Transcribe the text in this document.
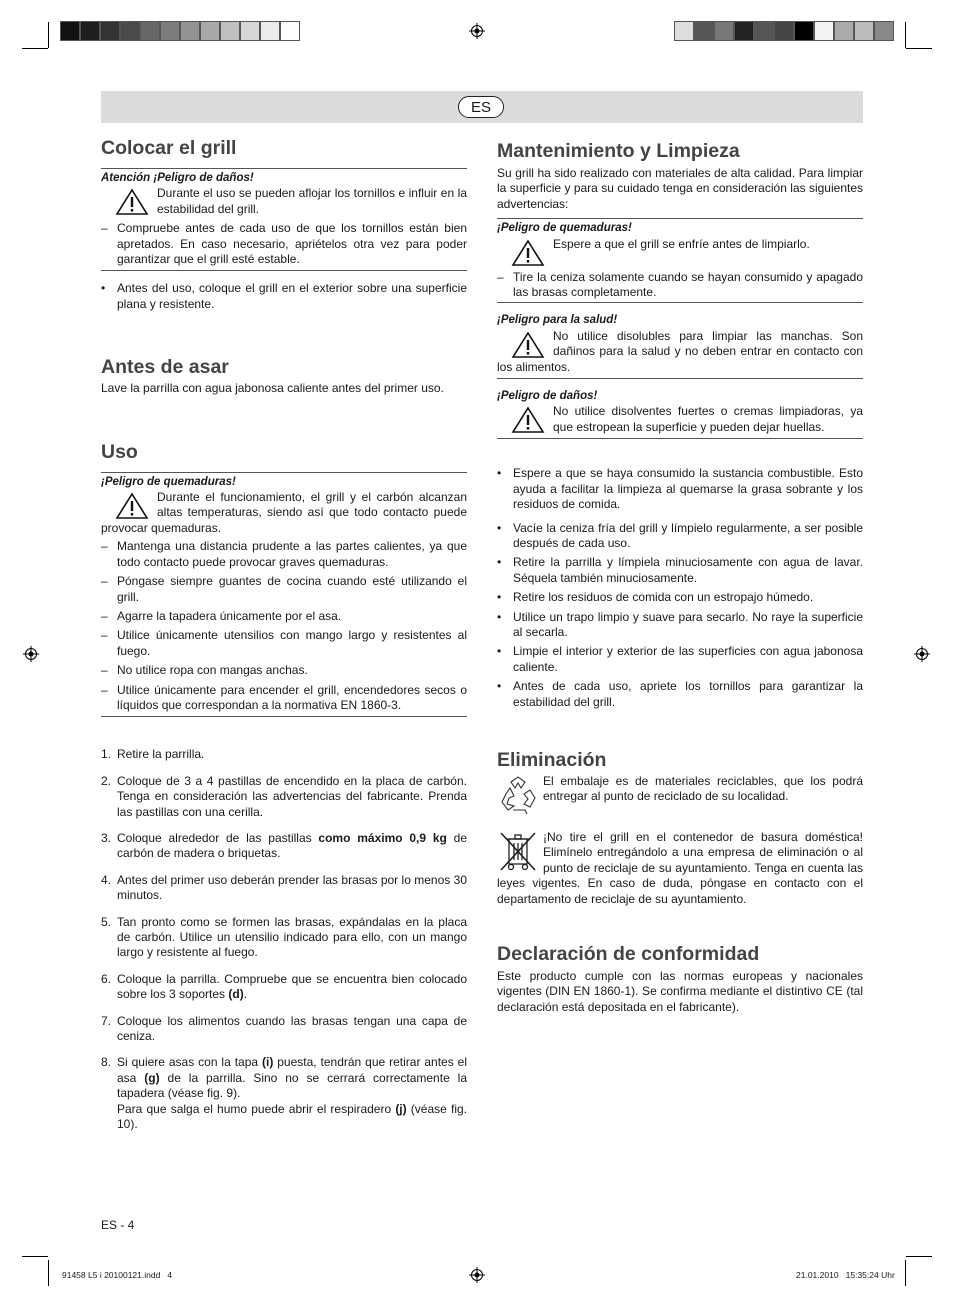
ES
Colocar el grill
Atención ¡Peligro de daños!

Durante el uso se pueden aflojar los tornillos e influir en la estabilidad del grill.

– Compruebe antes de cada uso de que los tornillos están bien apretados. En caso necesario, apriételos otra vez para poder garantizar que el grill esté estable.
• Antes del uso, coloque el grill en el exterior sobre una superficie plana y resistente.
Antes de asar

Lave la parrilla con agua jabonosa caliente antes del primer uso.

Uso
¡Peligro de quemaduras!

Durante el funcionamiento, el grill y el carbón alcanzan altas temperaturas, siendo así que todo contacto puede provocar quemaduras.

– Mantenga una distancia prudente a las partes calientes, ya que todo contacto puede provocar graves quemaduras.
– Póngase siempre guantes de cocina cuando esté utilizando el grill.
– Agarre la tapadera únicamente por el asa.
– Utilice únicamente utensilios con mango largo y resistentes al fuego.
– No utilice ropa con mangas anchas.
– Utilice únicamente para encender el grill, encendedores secos o líquidos que correspondan a la normativa EN 1860-3.
1. Retire la parrilla.
2. Coloque de 3 a 4 pastillas de encendido en la placa de carbón. Tenga en consideración las advertencias del fabricante. Prenda las pastillas con una cerilla.
3. Coloque alrededor de las pastillas como máximo 0,9 kg de carbón de madera o briquetas.
4. Antes del primer uso deberán prender las brasas por lo menos 30 minutos.
5. Tan pronto como se formen las brasas, expándalas en la placa de carbón. Utilice un utensilio indicado para ello, con un mango largo y resistente al fuego.
6. Coloque la parrilla. Compruebe que se encuentra bien colocado sobre los 3 soportes (d).
7. Coloque los alimentos cuando las brasas tengan una capa de ceniza.
8. Si quiere asas con la tapa (i) puesta, tendrán que retirar antes el asa (g) de la parrilla. Sino no se cerrará correctamente la tapadera (véase fig. 9).
Para que salga el humo puede abrir el respiradero (j) (véase fig. 10).
Mantenimiento y Limpieza

Su grill ha sido realizado con materiales de alta calidad. Para limpiar la superficie y para su cuidado tenga en consideración las siguientes advertencias:

¡Peligro de quemaduras!

Espere a que el grill se enfríe antes de limpiarlo.

– Tire la ceniza solamente cuando se hayan consumido y apagado las brasas completamente.
¡Peligro para la salud!

No utilice disolubles para limpiar las manchas. Son dañinos para la salud y no deben entrar en contacto con los alimentos.

¡Peligro de daños!

No utilice disolventes fuertes o cremas limpiadoras, ya que estropean la superficie y pueden dejar huellas.

• Espere a que se haya consumido la sustancia combustible. Esto ayuda a facilitar la limpieza al quemarse la grasa sobrante y los residuos de comida.
• Vacíe la ceniza fría del grill y límpielo regularmente, a ser posible después de cada uso.
• Retire la parrilla y límpiela minuciosamente con agua de lavar. Séquela también minuciosamente.
• Retire los residuos de comida con un estropajo húmedo.
• Utilice un trapo limpio y suave para secarlo. No raye la superficie al secarla.
• Limpie el interior y exterior de las superficies con agua jabonosa caliente.
• Antes de cada uso, apriete los tornillos para garantizar la estabilidad del grill.
Eliminación

El embalaje es de materiales reciclables, que los podrá entregar al punto de reciclado de su localidad.

¡No tire el grill en el contenedor de basura doméstica! Elimínelo entregándolo a una empresa de eliminación o al punto de reciclaje de su ayuntamiento. Tenga en cuenta las leyes vigentes. En caso de duda, póngase en contacto con el departamento de reciclaje de su ayuntamiento.

Declaración de conformidad

Este producto cumple con las normas europeas y nacionales vigentes (DIN EN 1860-1). Se confirma mediante el distintivo CE (tal declaración está depositada en el fabricante).

ES - 4
91458 L5 i 20100121.indd   4	21.01.2010   15:35:24 Uhr
